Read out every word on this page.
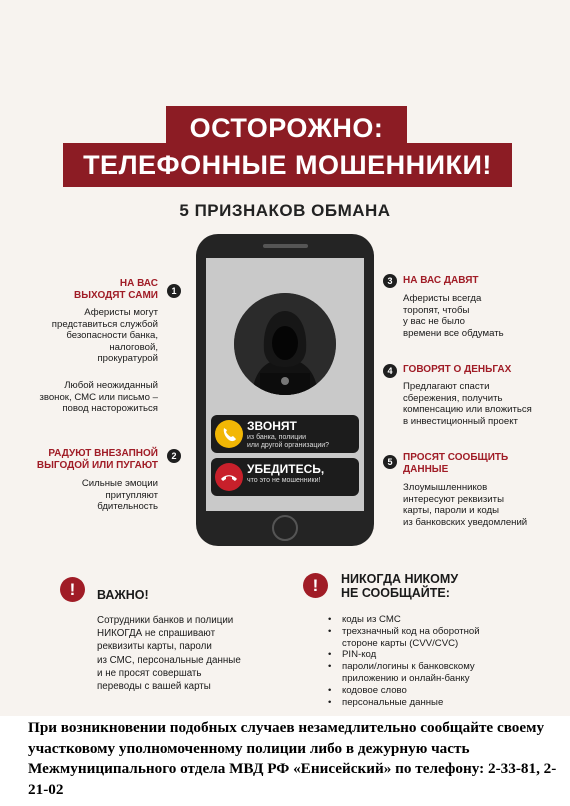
ОСТОРОЖНО:
ТЕЛЕФОННЫЕ МОШЕННИКИ!
5 ПРИЗНАКОВ ОБМАНА
ЗВОНЯТ
из банка, полиции
или другой организации?
УБЕДИТЕСЬ,
что это не мошенники!
НА ВАС
ВЫХОДЯТ САМИ	1
Аферисты могут
представиться службой
безопасности банка,
налоговой,
прокуратурой
Любой неожиданный
звонок, СМС или письмо –
повод насторожиться
РАДУЮТ ВНЕЗАПНОЙ
ВЫГОДОЙ ИЛИ ПУГАЮТ
2
Сильные эмоции
притупляют
бдительность
3	НА ВАС ДАВЯТ
Аферисты всегда
торопят, чтобы
у вас не было
времени все обдумать
4	ГОВОРЯТ О ДЕНЬГАХ
Предлагают спасти
сбережения, получить
компенсацию или вложиться
в инвестиционный проект
5	ПРОСЯТ СООБЩИТЬ
ДАННЫЕ
Злоумышленников
интересуют реквизиты
карты, пароли и коды
из банковских уведомлений
!	ВАЖНО!
Сотрудники банков и полиции
НИКОГДА не спрашивают
реквизиты карты, пароли
из СМС, персональные данные
и не просят совершать
переводы с вашей карты
!	НИКОГДА НИКОМУ
НЕ СООБЩАЙТЕ:
• коды из СМС
• трехзначный код на оборотной
стороне карты (CVV/CVC)
• PIN-код
• пароли/логины к банковскому
приложению и онлайн-банку
• кодовое слово
• персональные данные
При возникновении подобных случаев незамедлительно сообщайте своему участковому уполномоченному полиции либо в дежурную часть Межмуниципального отдела МВД РФ «Енисейский» по телефону: 2-33-81, 2-21-02
